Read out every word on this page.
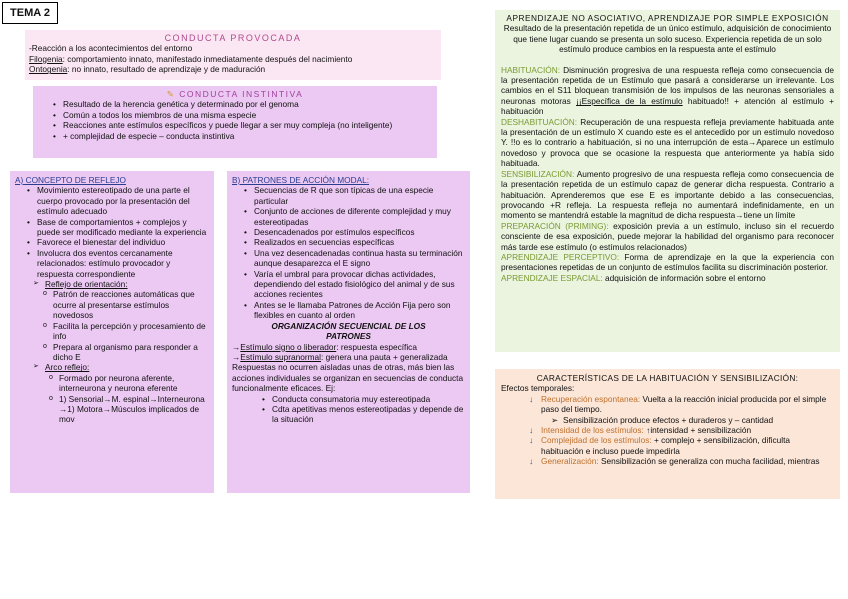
TEMA 2
CONDUCTA PROVOCADA
-Reacción a los acontecimientos del entorno
Filogenia: comportamiento innato, manifestado inmediatamente después del nacimiento
Ontogenia: no innato, resultado de aprendizaje y de maduración
✎ CONDUCTA INSTINTIVA
• Resultado de la herencia genética y determinado por el genoma
• Común a todos los miembros de una misma especie
• Reacciones ante estímulos específicos y puede llegar a ser muy compleja (no inteligente)
• + complejidad de especie – conducta instintiva
A) CONCEPTO DE REFLEJO
• Movimiento estereotipado de una parte el cuerpo provocado por la presentación del estímulo adecuado
• Base de comportamientos + complejos y puede ser modificado mediante la experiencia
• Favorece el bienestar del individuo
• Involucra dos eventos cercanamente relacionados: estímulo provocador y respuesta correspondiente
➢ Reflejo de orientación:
o Patrón de reacciones automáticas que ocurre al presentarse estímulos novedosos
o Facilita la percepción y procesamiento de info
o Prepara al organismo para responder a dicho E
➢ Arco reflejo:
o Formado por neurona aferente, interneurona y neurona eferente
o 1) Sensorial→M. espinal→Interneurona →1) Motora→Músculos implicados de mov
B) PATRONES DE ACCIÓN MODAL:
• Secuencias de R que son típicas de una especie particular
• Conjunto de acciones de diferente complejidad y muy estereotipadas
• Desencadenados por estímulos específicos
• Realizados en secuencias específicas
• Una vez desencadenadas continua hasta su terminación aunque desaparezca el E signo
• Varía el umbral para provocar dichas actividades, dependiendo del estado fisiológico del animal y de sus acciones recientes
• Antes se le llamaba Patrones de Acción Fija pero son flexibles en cuanto al orden
ORGANIZACIÓN SECUENCIAL DE LOS PATRONES
→Estímulo signo o liberador: respuesta específica
→Estímulo supranormal: genera una pauta + generalizada
Respuestas no ocurren aisladas unas de otras, más bien las acciones individuales se organizan en secuencias de conducta funcionalmente eficaces. Ej:
• Conducta consumatoria muy estereotipada
• Cdta apetitivas menos estereotipadas y depende de la situación
APRENDIZAJE NO ASOCIATIVO, APRENDIZAJE POR SIMPLE EXPOSICIÓN
Resultado de la presentación repetida de un único estímulo, adquisición de conocimiento que tiene lugar cuando se presenta un solo suceso. Experiencia repetida de un solo estímulo produce cambios en la respuesta ante el estímulo
HABITUACIÓN: Disminución progresiva de una respuesta refleja como consecuencia de la presentación repetida de un Estímulo que pasará a considerarse un irrelevante. Los cambios en el S11 bloquean transmisión de los impulsos de las neuronas sensoriales a neuronas motoras ¡¡Específica de la estímulo habituado!! + atención al estímulo + habituación
DESHABITUACIÓN: Recuperación de una respuesta refleja previamente habituada ante la presentación de un estímulo X cuando este es el antecedido por un estímulo novedoso Y. !!o es lo contrario a habituación, si no una interrupción de esta→Aparece un estímulo novedoso y provoca que se ocasione la respuesta que anteriormente ya había sido habituada.
SENSIBILIZACIÓN: Aumento progresivo de una respuesta refleja como consecuencia de la presentación repetida de un estímulo capaz de generar dicha respuesta. Contrario a habituación. Aprenderemos que ese E es importante debido a las consecuencias, provocando +R refleja. La respuesta refleja no aumentará indefinidamente, en un momento se mantendrá estable la magnitud de dicha respuesta→tiene un límite
PREPARACIÓN (PRIMING): exposición previa a un estímulo, incluso sin el recuerdo consciente de esa exposición, puede mejorar la habilidad del organismo para reconocer más tarde ese estímulo (o estímulos relacionados)
APRENDIZAJE PERCEPTIVO: Forma de aprendizaje en la que la experiencia con presentaciones repetidas de un conjunto de estímulos facilita su discriminación posterior.
APRENDIZAJE ESPACIAL: adquisición de información sobre el entorno
CARACTERÍSTICAS DE LA HABITUACIÓN Y SENSIBILIZACIÓN:
Efectos temporales:
↓ Recuperación espontanea: Vuelta a la reacción inicial producida por el simple paso del tiempo.
➢ Sensibilización produce efectos + duraderos y – cantidad
↓ Intensidad de los estímulos: ↑intensidad + sensibilización
↓ Complejidad de los estímulos: + complejo + sensibilización, dificulta habituación e incluso puede impedirla
↓ Generalización: Sensibilización se generaliza con mucha facilidad, mientras
